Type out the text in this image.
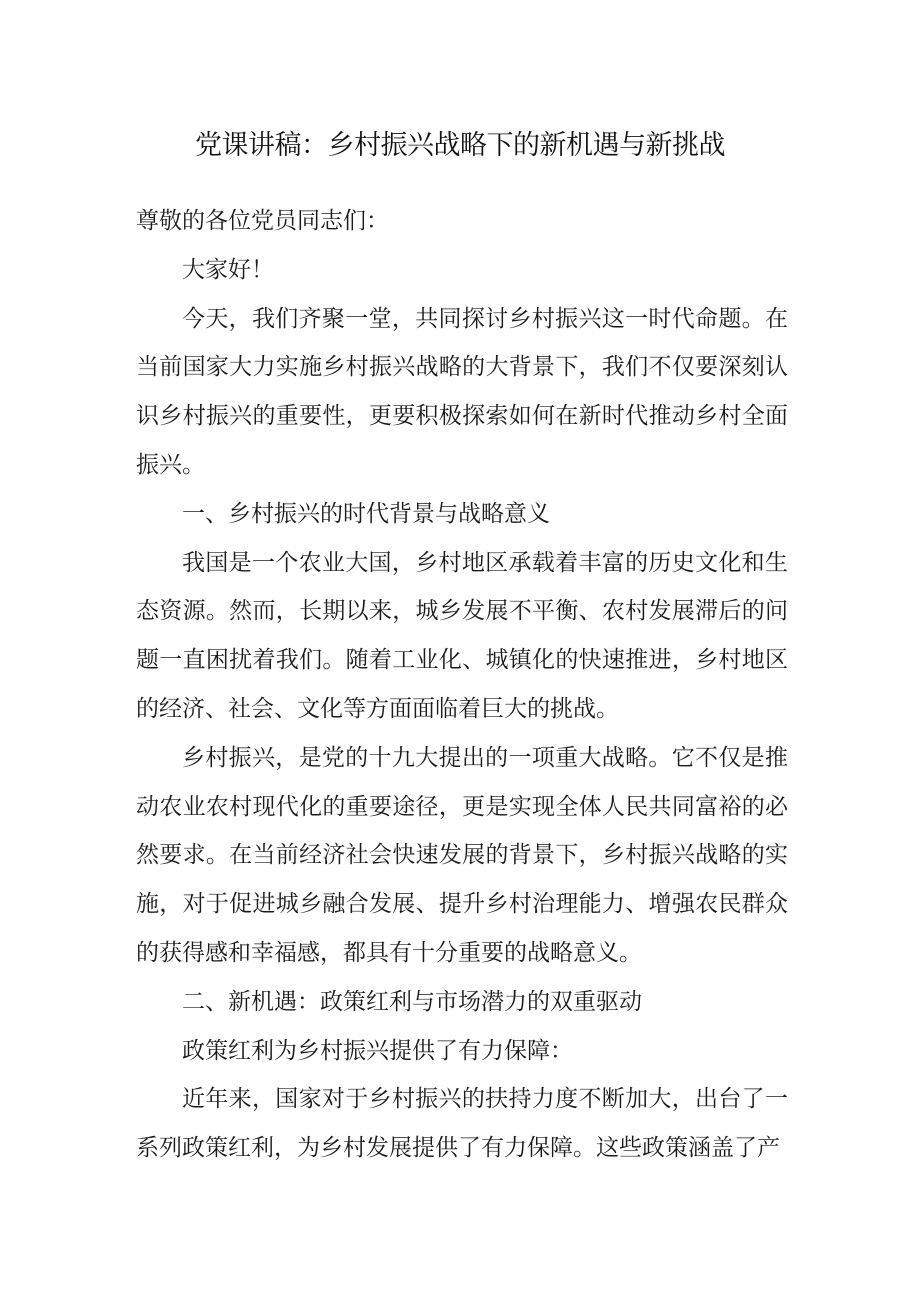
党课讲稿：乡村振兴战略下的新机遇与新挑战

尊敬的各位党员同志们：

大家好！

今天，我们齐聚一堂，共同探讨乡村振兴这一时代命题。在当前国家大力实施乡村振兴战略的大背景下，我们不仅要深刻认识乡村振兴的重要性，更要积极探索如何在新时代推动乡村全面振兴。

一、乡村振兴的时代背景与战略意义

我国是一个农业大国，乡村地区承载着丰富的历史文化和生态资源。然而，长期以来，城乡发展不平衡、农村发展滞后的问题一直困扰着我们。随着工业化、城镇化的快速推进，乡村地区的经济、社会、文化等方面面临着巨大的挑战。

乡村振兴，是党的十九大提出的一项重大战略。它不仅是推动农业农村现代化的重要途径，更是实现全体人民共同富裕的必然要求。在当前经济社会快速发展的背景下，乡村振兴战略的实施，对于促进城乡融合发展、提升乡村治理能力、增强农民群众的获得感和幸福感，都具有十分重要的战略意义。

二、新机遇：政策红利与市场潜力的双重驱动

政策红利为乡村振兴提供了有力保障：

近年来，国家对于乡村振兴的扶持力度不断加大，出台了一系列政策红利，为乡村发展提供了有力保障。这些政策涵盖了产
